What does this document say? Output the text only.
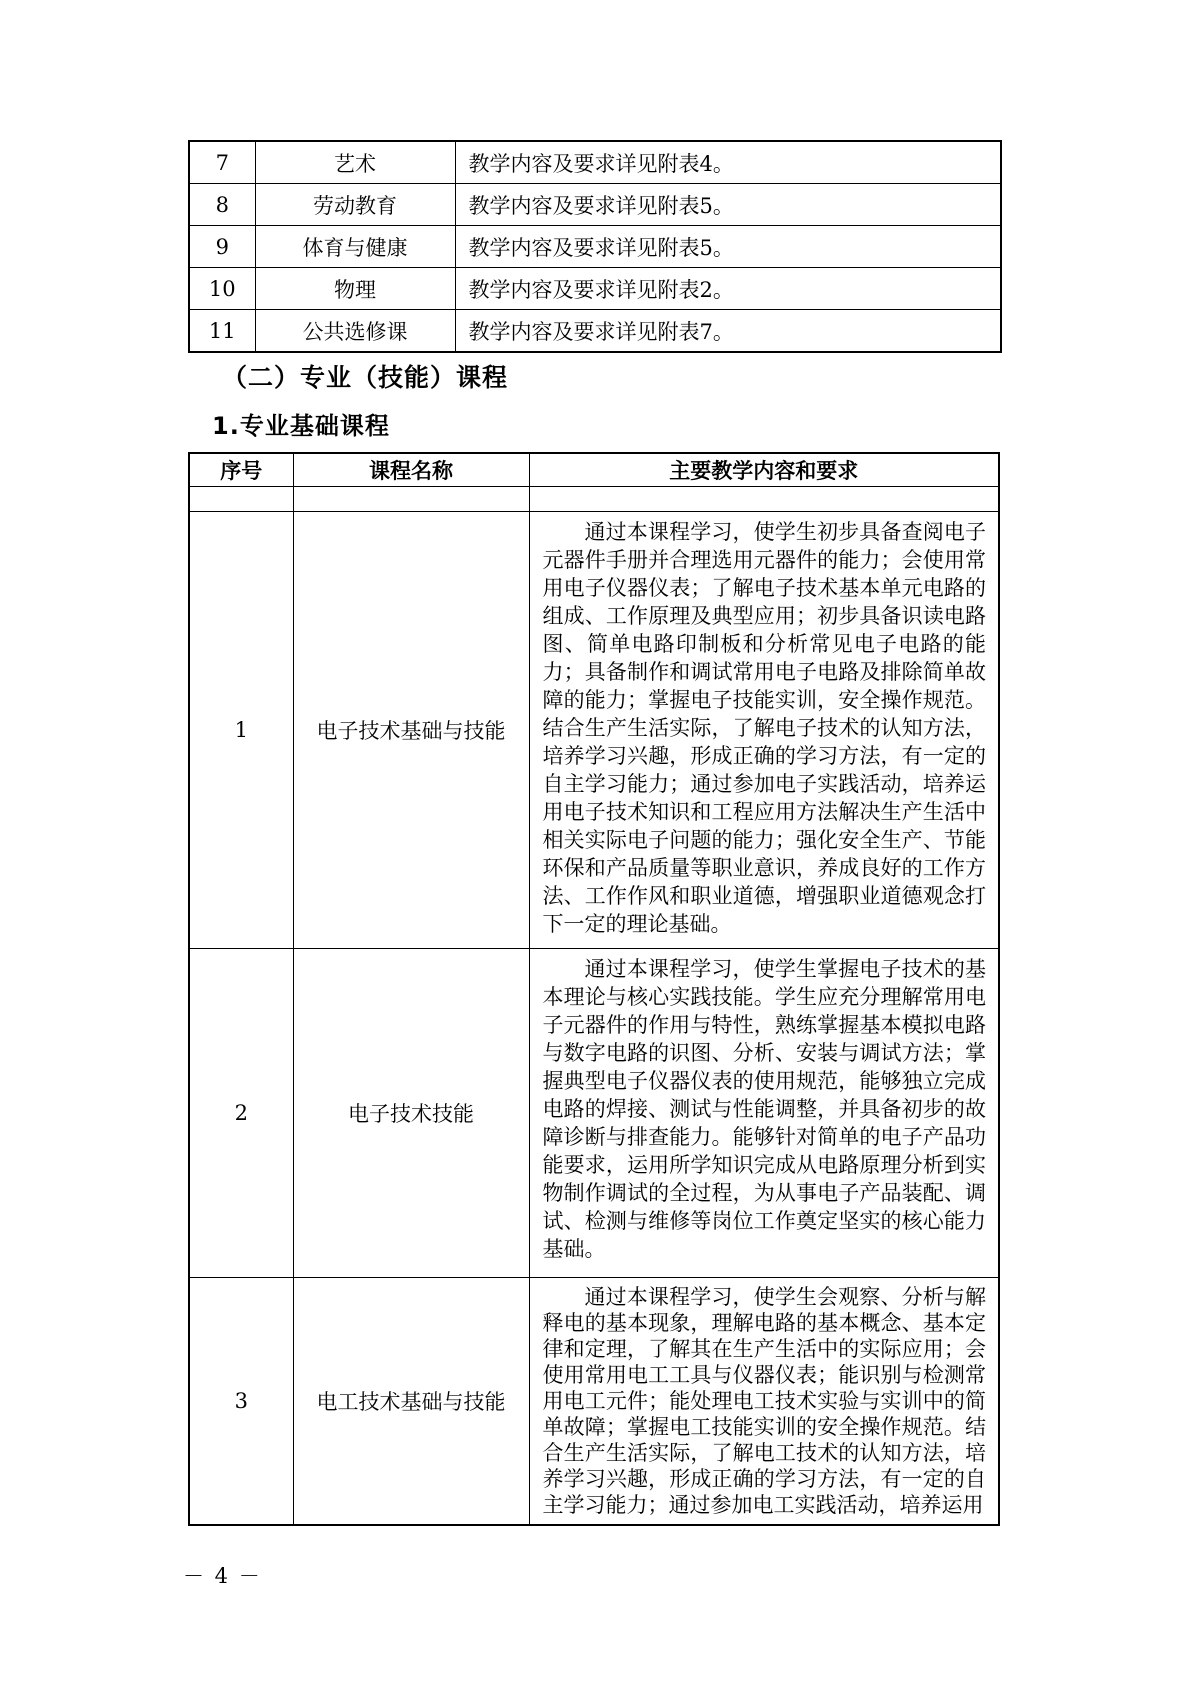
7	艺术	教学内容及要求详见附表4。
8	劳动教育	教学内容及要求详见附表5。
9	体育与健康	教学内容及要求详见附表5。
10	物理	教学内容及要求详见附表2。
11	公共选修课	教学内容及要求详见附表7。
（二）专业（技能）课程
1.专业基础课程
序号	课程名称	主要教学内容和要求

1	电子技术基础与技能	通过本课程学习，使学生初步具备查阅电子元器件手册并合理选用元器件的能力；会使用常用电子仪器仪表；了解电子技术基本单元电路的组成、工作原理及典型应用；初步具备识读电路图、简单电路印制板和分析常见电子电路的能力；具备制作和调试常用电子电路及排除简单故障的能力；掌握电子技能实训，安全操作规范。结合生产生活实际，了解电子技术的认知方法，培养学习兴趣，形成正确的学习方法，有一定的自主学习能力；通过参加电子实践活动，培养运用电子技术知识和工程应用方法解决生产生活中相关实际电子问题的能力；强化安全生产、节能环保和产品质量等职业意识，养成良好的工作方法、工作作风和职业道德，增强职业道德观念打下一定的理论基础。

2	电子技术技能	通过本课程学习，使学生掌握电子技术的基本理论与核心实践技能。学生应充分理解常用电子元器件的作用与特性，熟练掌握基本模拟电路与数字电路的识图、分析、安装与调试方法；掌握典型电子仪器仪表的使用规范，能够独立完成电路的焊接、测试与性能调整，并具备初步的故障诊断与排查能力。能够针对简单的电子产品功能要求，运用所学知识完成从电路原理分析到实物制作调试的全过程，为从事电子产品装配、调试、检测与维修等岗位工作奠定坚实的核心能力基础。

3	电工技术基础与技能	通过本课程学习，使学生会观察、分析与解释电的基本现象，理解电路的基本概念、基本定律和定理，了解其在生产生活中的实际应用；会使用常用电工工具与仪器仪表；能识别与检测常用电工元件；能处理电工技术实验与实训中的简单故障；掌握电工技能实训的安全操作规范。结合生产生活实际，了解电工技术的认知方法，培养学习兴趣，形成正确的学习方法，有一定的自主学习能力；通过参加电工实践活动，培养运用

－ 4 －
